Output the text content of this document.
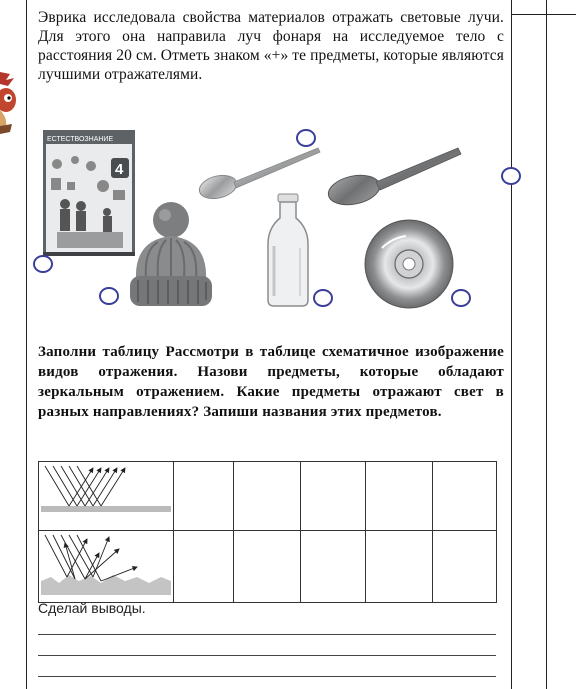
Эврика исследовала свойства материалов отражать световые лучи. Для этого она направила луч фонаря на исследуемое тело с расстояния 20 см. Отметь знаком «+» те предметы, которые являются лучшими отражателями.
ЕСТЕСТВОЗНАНИЕ
4
Заполни таблицу Рассмотри в таблице схематичное изображение видов отражения. Назови предметы, которые обладают зеркальным отражением. Какие предметы отражают свет в разных направлениях? Запиши названия этих предметов.

Сделай выводы.
